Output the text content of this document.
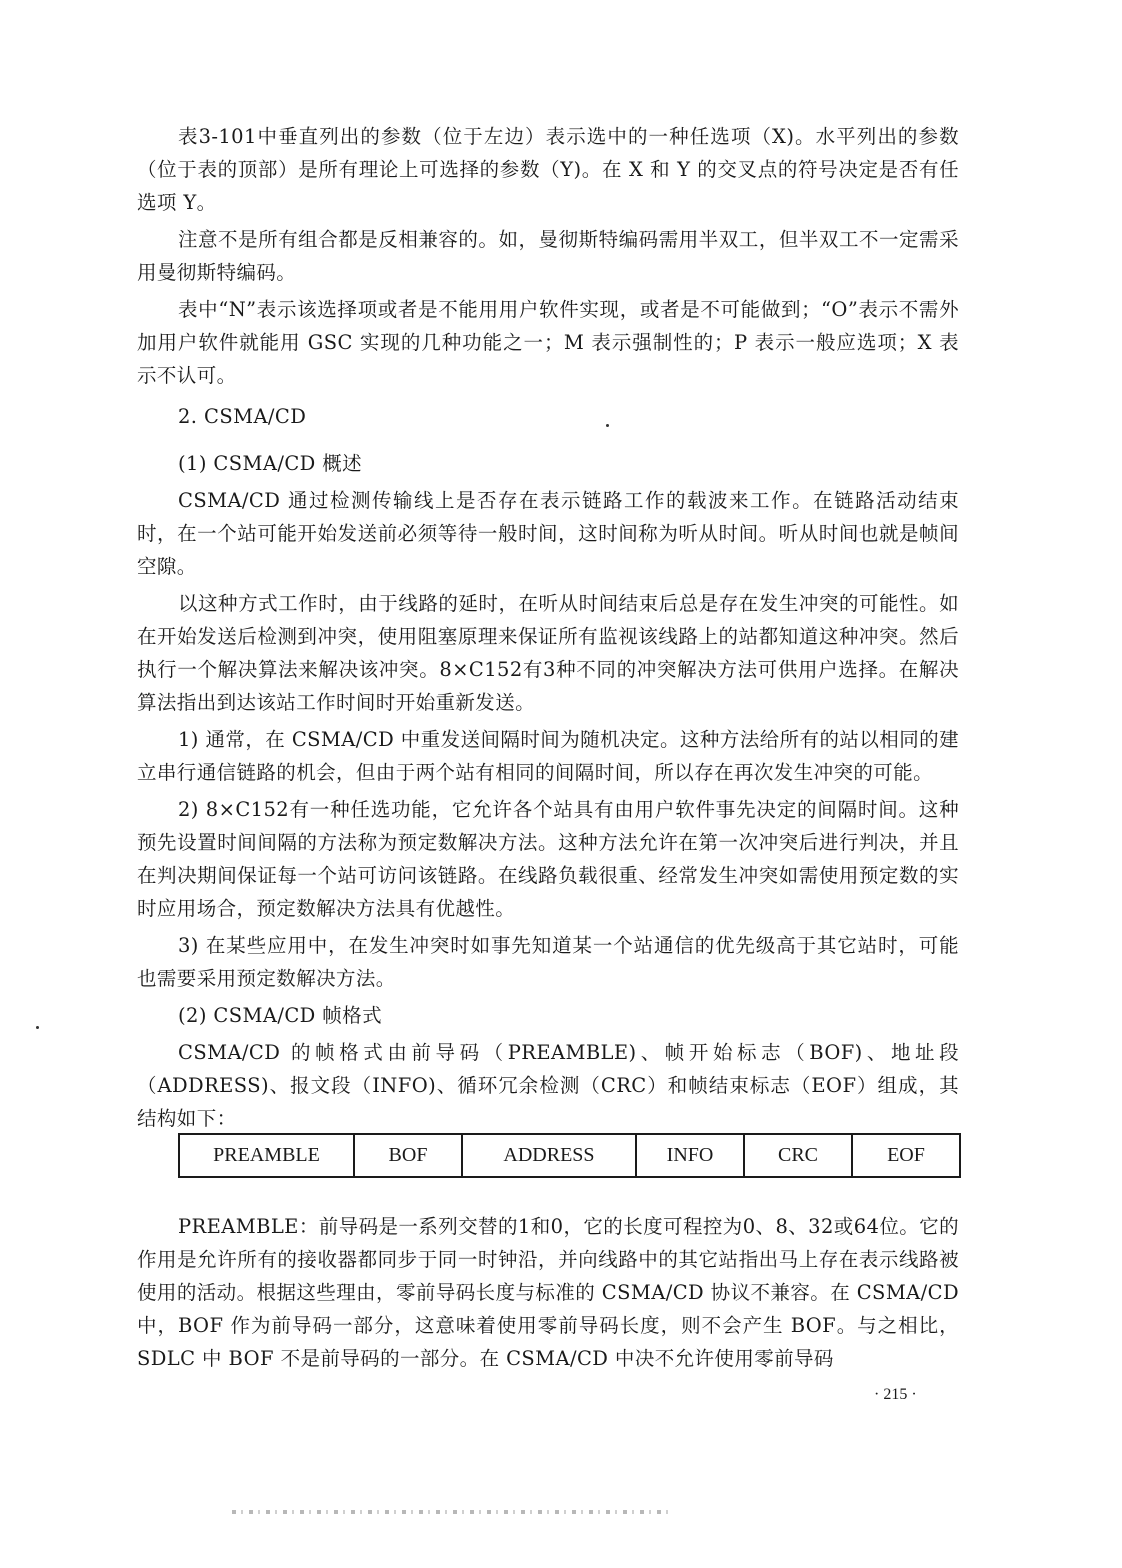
表3-101中垂直列出的参数（位于左边）表示选中的一种任选项（X)。水平列出的参数（位于表的顶部）是所有理论上可选择的参数（Y)。在 X 和 Y 的交叉点的符号决定是否有任选项 Y。

注意不是所有组合都是反相兼容的。如，曼彻斯特编码需用半双工，但半双工不一定需采用曼彻斯特编码。

表中“N”表示该选择项或者是不能用用户软件实现，或者是不可能做到；“O”表示不需外加用户软件就能用 GSC 实现的几种功能之一；M 表示强制性的；P 表示一般应选项；X 表示不认可。

2. CSMA/CD

(1) CSMA/CD 概述

CSMA/CD 通过检测传输线上是否存在表示链路工作的载波来工作。在链路活动结束时，在一个站可能开始发送前必须等待一般时间，这时间称为听从时间。听从时间也就是帧间空隙。

以这种方式工作时，由于线路的延时，在听从时间结束后总是存在发生冲突的可能性。如在开始发送后检测到冲突，使用阻塞原理来保证所有监视该线路上的站都知道这种冲突。然后执行一个解决算法来解决该冲突。8×C152有3种不同的冲突解决方法可供用户选择。在解决算法指出到达该站工作时间时开始重新发送。

1) 通常，在 CSMA/CD 中重发送间隔时间为随机决定。这种方法给所有的站以相同的建立串行通信链路的机会，但由于两个站有相同的间隔时间，所以存在再次发生冲突的可能。

2) 8×C152有一种任选功能，它允许各个站具有由用户软件事先决定的间隔时间。这种预先设置时间间隔的方法称为预定数解决方法。这种方法允许在第一次冲突后进行判决，并且在判决期间保证每一个站可访问该链路。在线路负载很重、经常发生冲突如需使用预定数的实时应用场合，预定数解决方法具有优越性。

3) 在某些应用中，在发生冲突时如事先知道某一个站通信的优先级高于其它站时，可能也需要采用预定数解决方法。

(2) CSMA/CD 帧格式

CSMA/CD 的帧格式由前导码（PREAMBLE)、帧开始标志（BOF)、地址段（ADDRESS)、报文段（INFO)、循环冗余检测（CRC）和帧结束标志（EOF）组成，其结构如下：

PREAMBLE	BOF	ADDRESS	INFO	CRC	EOF

PREAMBLE：前导码是一系列交替的1和0，它的长度可程控为0、8、32或64位。它的作用是允许所有的接收器都同步于同一时钟沿，并向线路中的其它站指出马上存在表示线路被使用的活动。根据这些理由，零前导码长度与标准的 CSMA/CD 协议不兼容。在 CSMA/CD 中，BOF 作为前导码一部分，这意味着使用零前导码长度，则不会产生 BOF。与之相比，SDLC 中 BOF 不是前导码的一部分。在 CSMA/CD 中决不允许使用零前导码

· 215 ·
